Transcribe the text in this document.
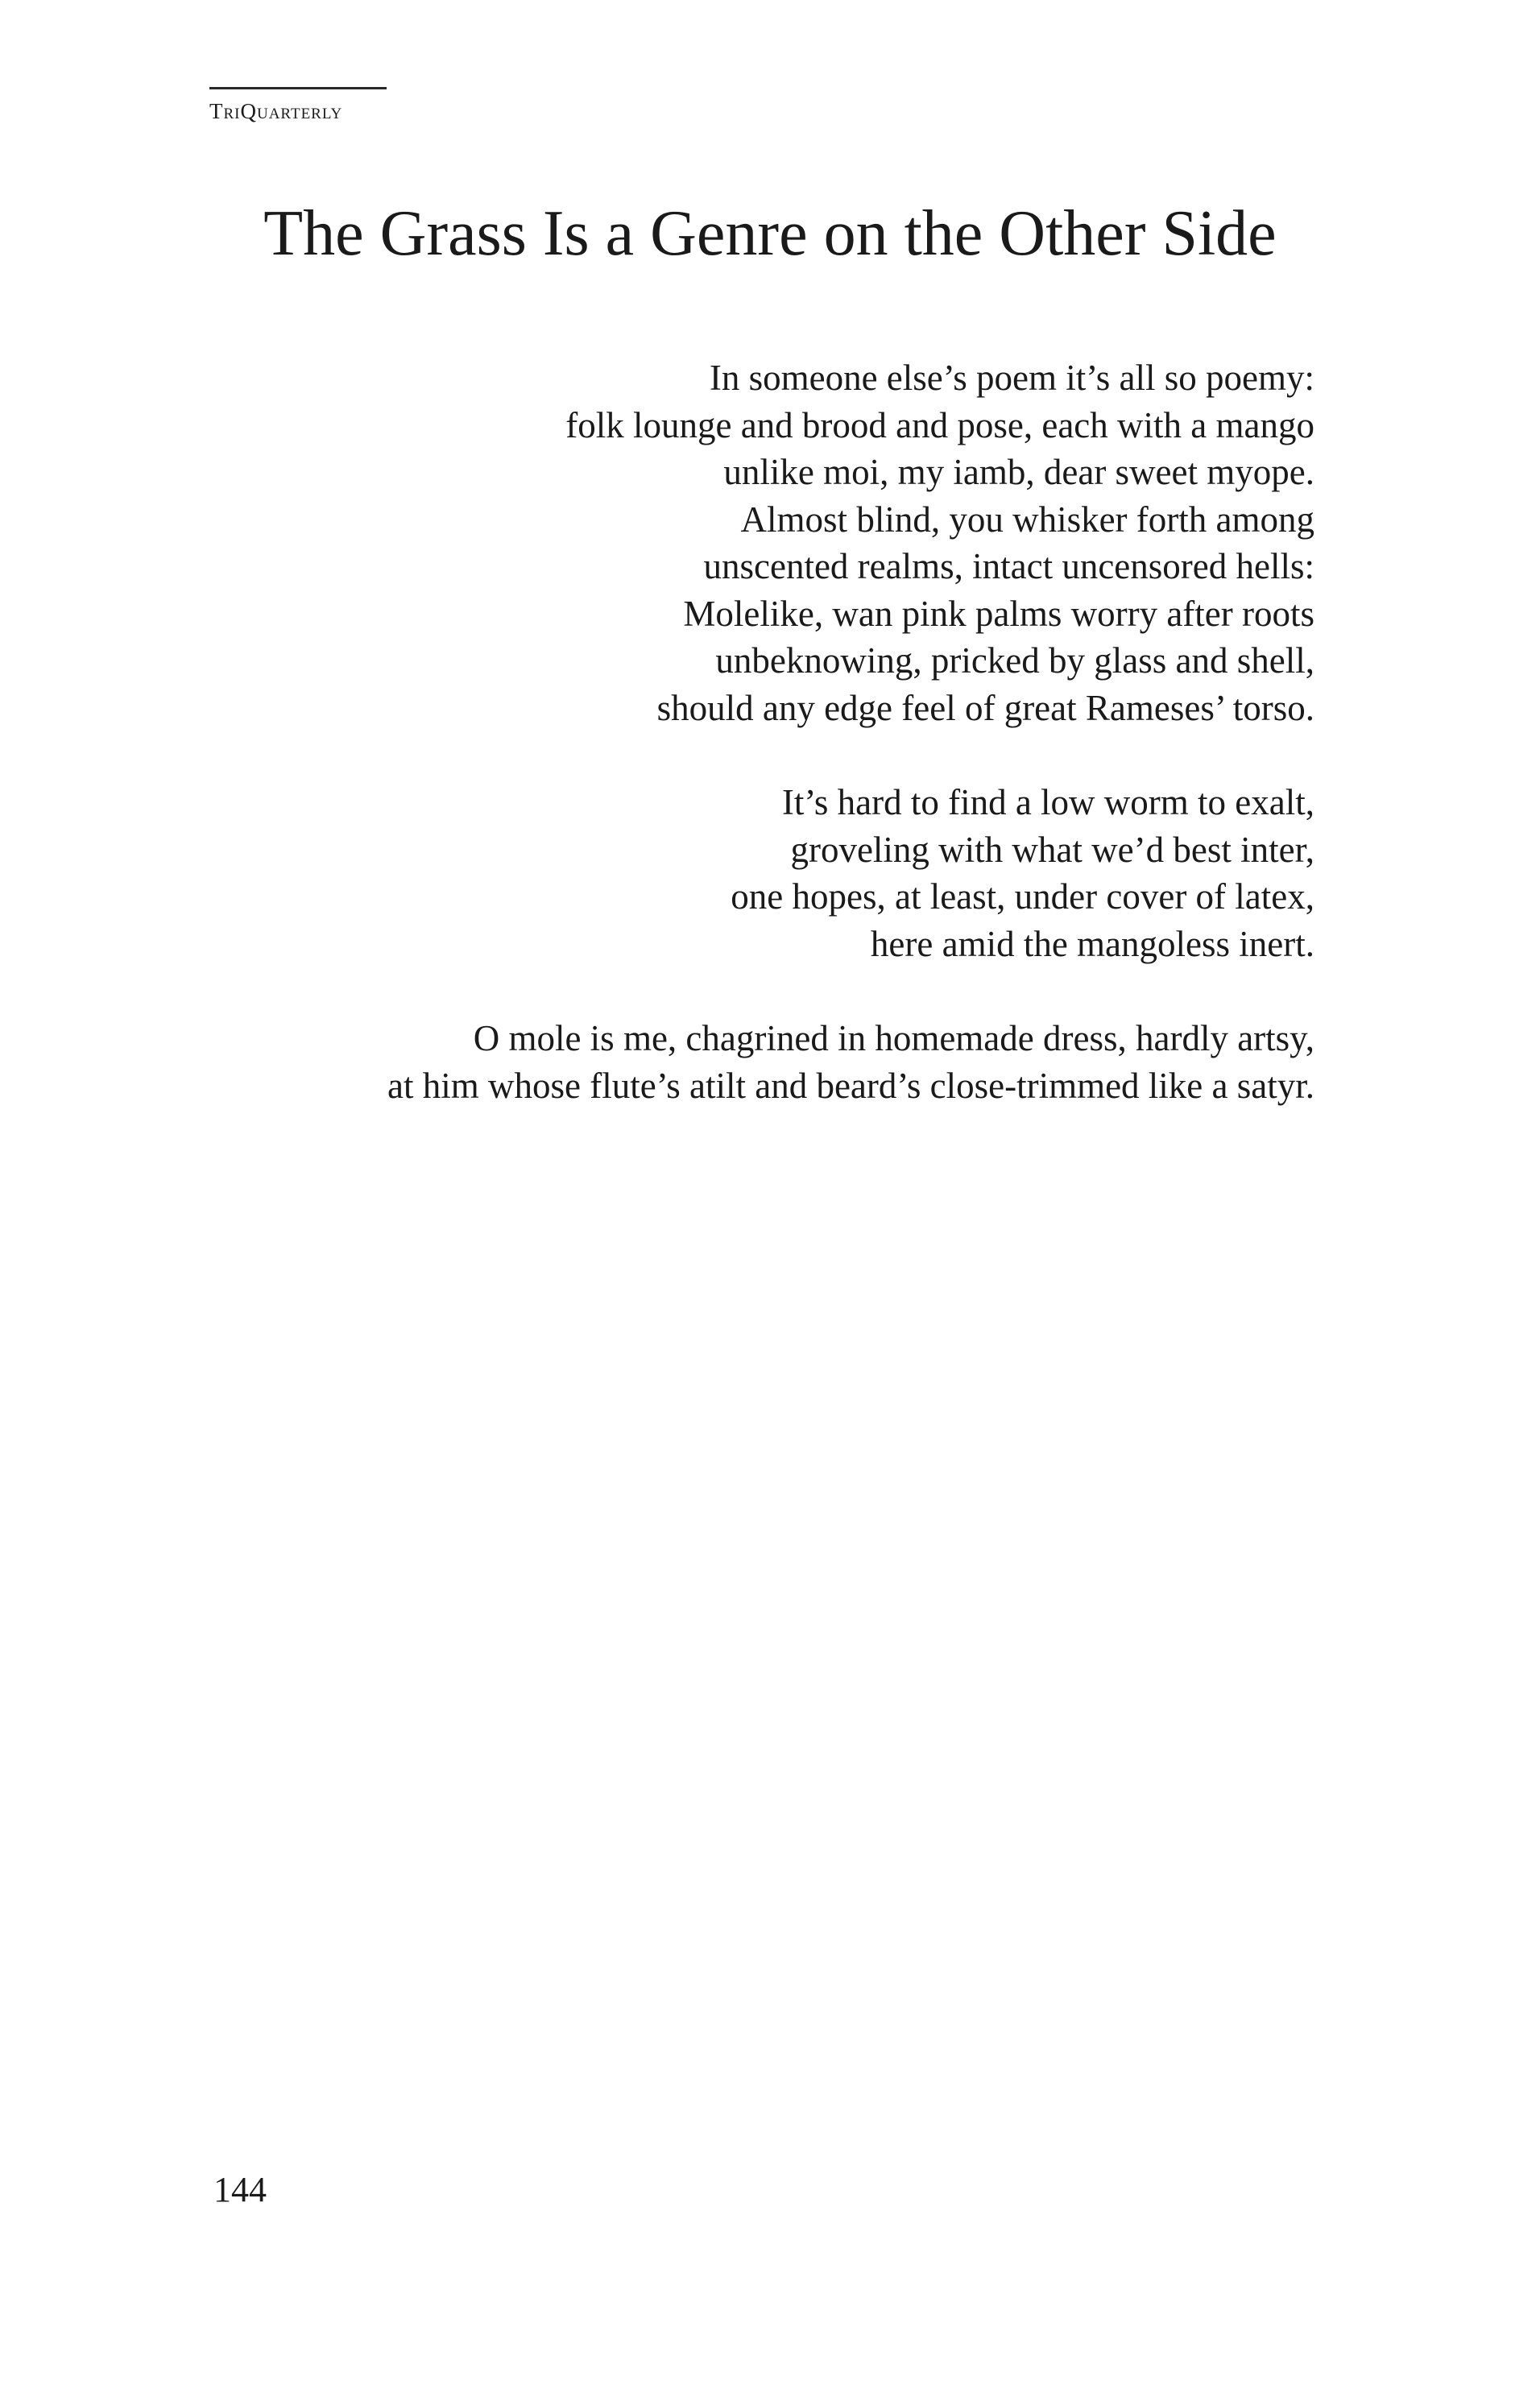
TriQuarterly
The Grass Is a Genre on the Other Side

In someone else’s poem it’s all so poemy:
folk lounge and brood and pose, each with a mango
unlike moi, my iamb, dear sweet myope.
Almost blind, you whisker forth among
unscented realms, intact uncensored hells:
Molelike, wan pink palms worry after roots
unbeknowing, pricked by glass and shell,
should any edge feel of great Rameses’ torso.

It’s hard to find a low worm to exalt,
groveling with what we’d best inter,
one hopes, at least, under cover of latex,
here amid the mangoless inert.

O mole is me, chagrined in homemade dress, hardly artsy,
at him whose flute’s atilt and beard’s close-trimmed like a satyr.

144
